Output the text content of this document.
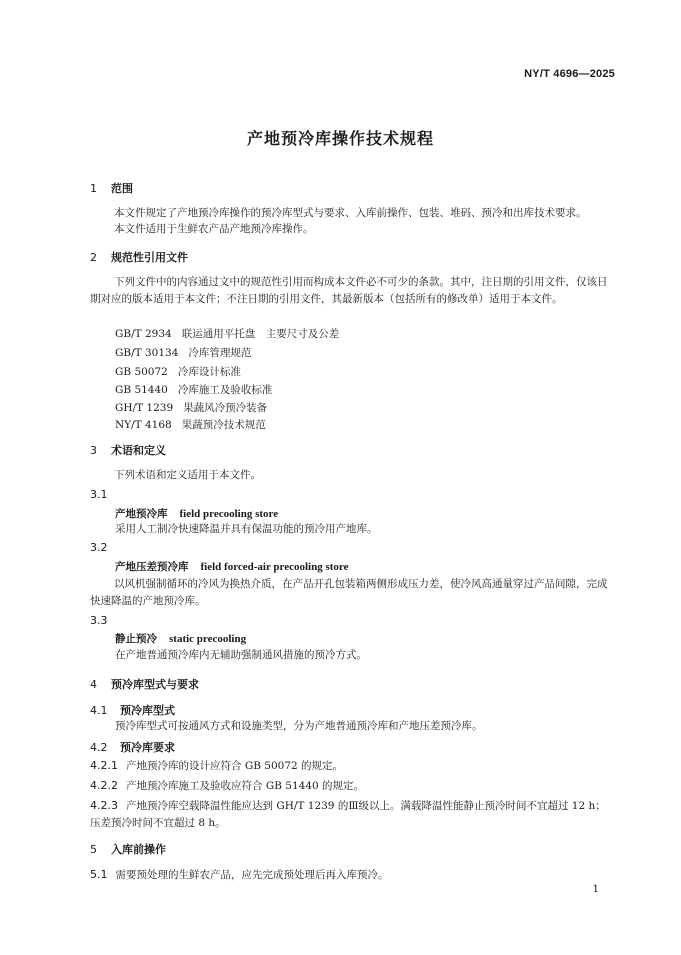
NY/T 4696—2025
产地预冷库操作技术规程
1 范围

本文件规定了产地预冷库操作的预冷库型式与要求、入库前操作、包装、堆码、预冷和出库技术要求。

本文件适用于生鲜农产品产地预冷库操作。

2 规范性引用文件

下列文件中的内容通过文中的规范性引用而构成本文件必不可少的条款。其中，注日期的引用文件，仅该日期对应的版本适用于本文件；不注日期的引用文件，其最新版本（包括所有的修改单）适用于本文件。

GB/T 2934 联运通用平托盘　主要尺寸及公差
GB/T 30134 冷库管理规范
GB 50072 冷库设计标准
GB 51440 冷库施工及验收标准
GH/T 1239 果蔬风冷预冷装备
NY/T 4168 果蔬预冷技术规范
3 术语和定义

下列术语和定义适用于本文件。

3.1
产地预冷库 field precooling store

采用人工制冷快速降温并具有保温功能的预冷用产地库。

3.2
产地压差预冷库 field forced-air precooling store

以风机强制循环的冷风为换热介质，在产品开孔包装箱两侧形成压力差，使冷风高通量穿过产品间隙，完成快速降温的产地预冷库。

3.3
静止预冷 static precooling

在产地普通预冷库内无辅助强制通风措施的预冷方式。

4 预冷库型式与要求
4.1 预冷库型式

预冷库型式可按通风方式和设施类型，分为产地普通预冷库和产地压差预冷库。

4.2 预冷库要求

4.2.1 产地预冷库的设计应符合 GB 50072 的规定。

4.2.2 产地预冷库施工及验收应符合 GB 51440 的规定。

4.2.3 产地预冷库空载降温性能应达到 GH/T 1239 的Ⅲ级以上。满载降温性能静止预冷时间不宜超过 12 h；压差预冷时间不宜超过 8 h。

5 入库前操作

5.1 需要预处理的生鲜农产品，应先完成预处理后再入库预冷。

1
